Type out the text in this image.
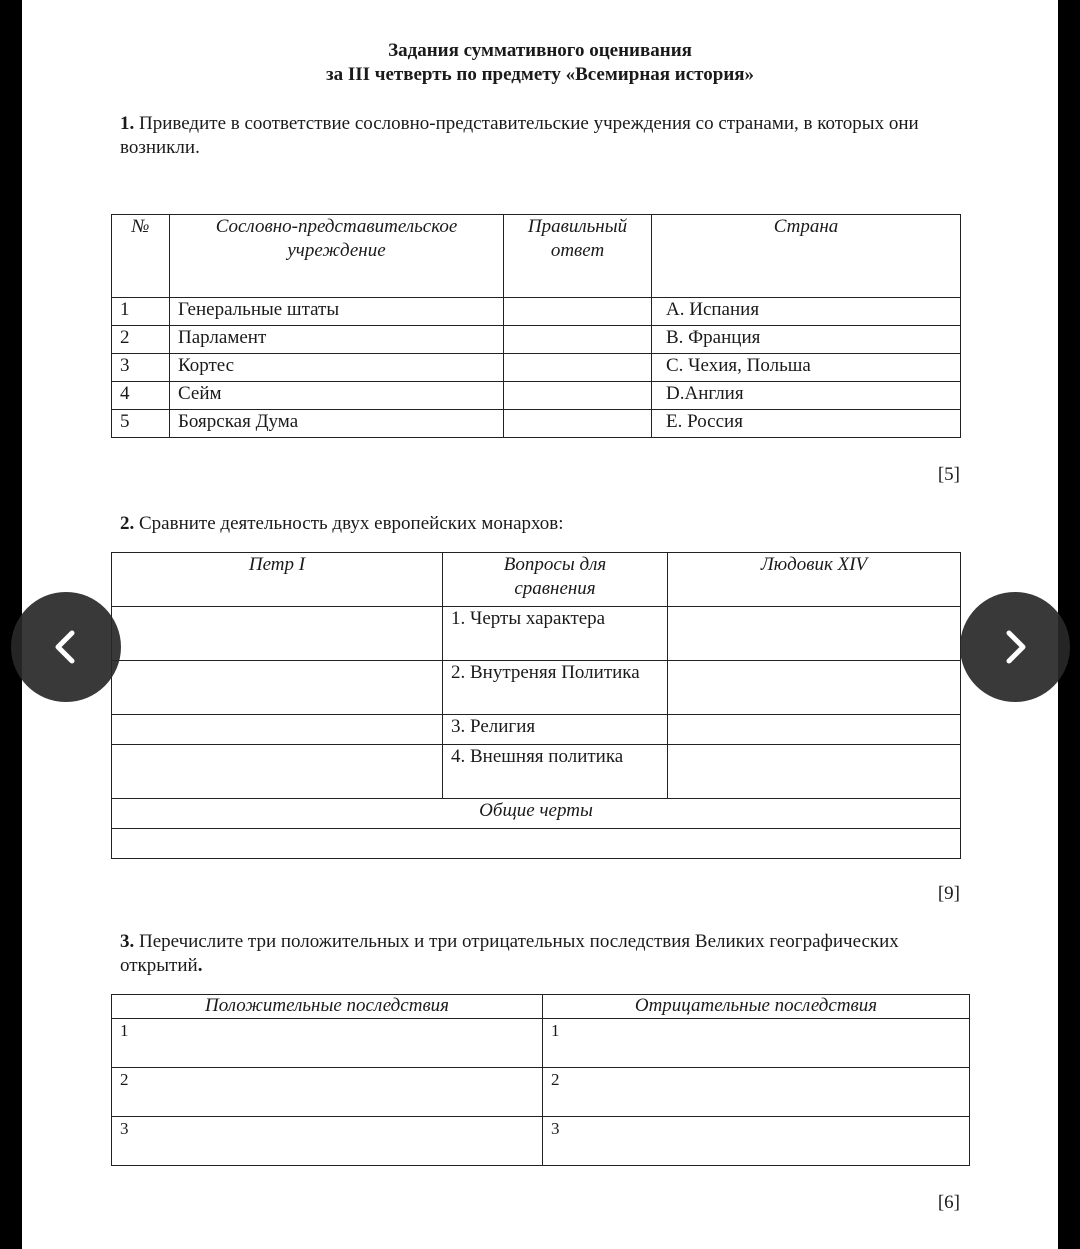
Задания суммативного оценивания
за III четверть по предмету «Всемирная история»
1. Приведите в соответствие сословно-представительские учреждения со странами, в которых они возникли.
№	Сословно-представительское учреждение	Правильный ответ	Страна

1	Генеральные штаты		А. Испания

2	Парламент		В. Франция

3	Кортес		С. Чехия, Польша

4	Сейм		D.Англия

5	Боярская Дума		Е. Россия
[5]
2. Сравните деятельность двух европейских монархов:
Петр I	Вопросы для сравнения	Людовик XIV

	1. Черты характера	

	2. Внутреняя Политика	

	3. Религия	

	4. Внешняя политика	

Общие черты		

[9]
3. Перечислите три положительных и три отрицательных последствия Великих географических открытий.
Положительные последствия	Отрицательные последствия

1	1

2	2

3	3
[6]
